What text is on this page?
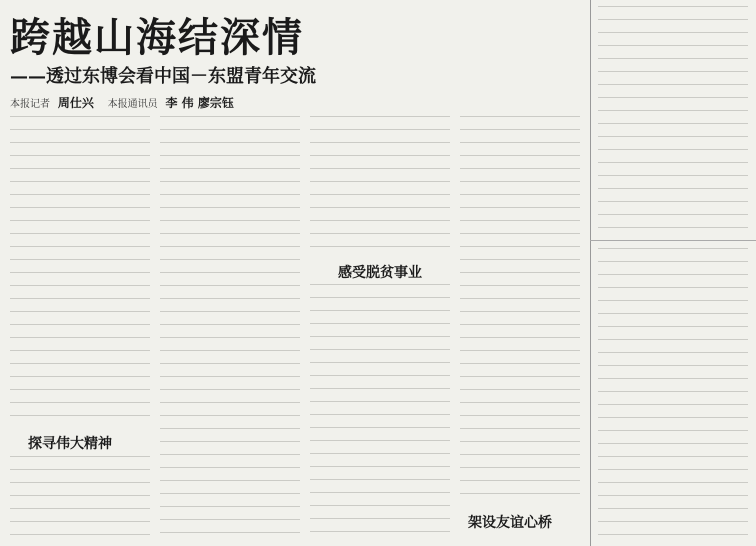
跨越山海结深情
——透过东博会看中国－东盟青年交流
本报记者 周仕兴 本报通讯员 李 伟 廖宗钰
探寻伟大精神
感受脱贫事业
架设友谊心桥
